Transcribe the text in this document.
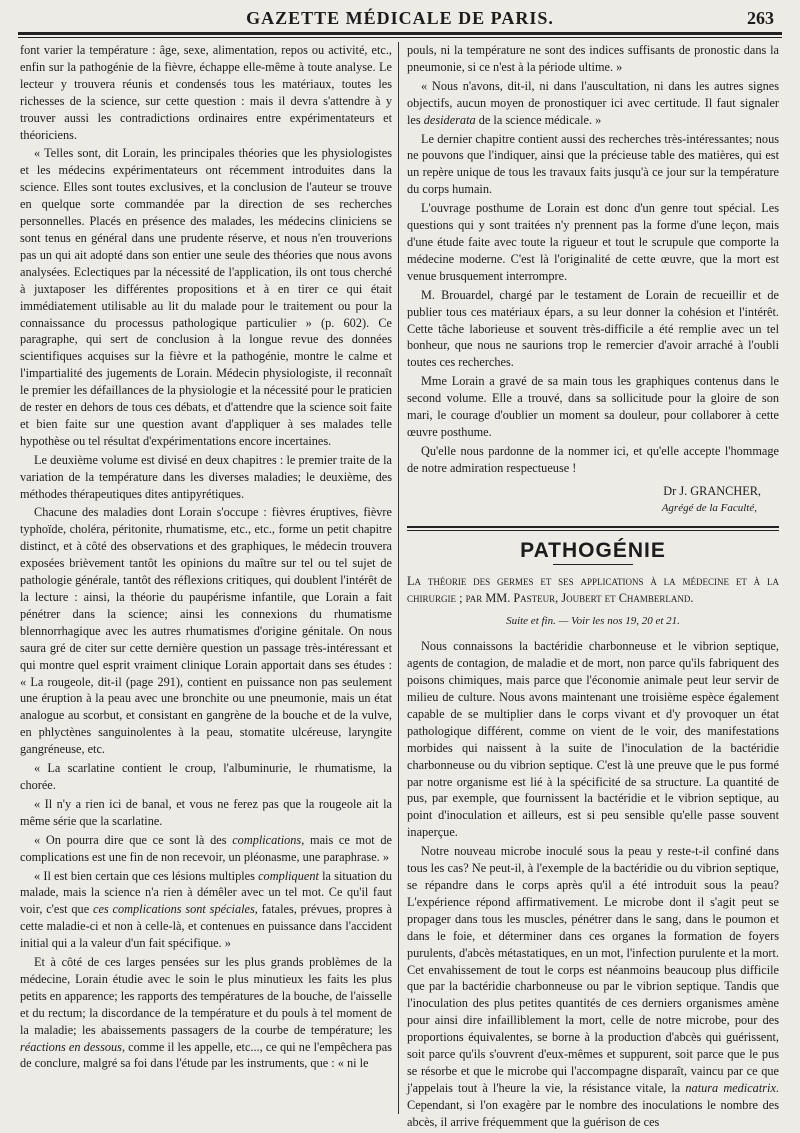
GAZETTE MÉDICALE DE PARIS.	263

font varier la température : âge, sexe, alimentation, repos ou activité, etc., enfin sur la pathogénie de la fièvre, échappe elle-même à toute analyse. Le lecteur y trouvera réunis et condensés tous les matériaux, toutes les richesses de la science, sur cette question : mais il devra s'attendre à y trouver aussi les contradictions ordinaires entre expérimentateurs et théoriciens.

« Telles sont, dit Lorain, les principales théories que les physiologistes et les médecins expérimentateurs ont récemment introduites dans la science. Elles sont toutes exclusives, et la conclusion de l'auteur se trouve en quelque sorte commandée par la direction de ses recherches personnelles. Placés en présence des malades, les médecins cliniciens se sont tenus en général dans une prudente réserve, et nous n'en trouverions pas un qui ait adopté dans son entier une seule des théories que nous avons analysées. Eclectiques par la nécessité de l'application, ils ont tous cherché à juxtaposer les différentes propositions et à en tirer ce qui était immédiatement utilisable au lit du malade pour le traitement ou pour la connaissance du processus pathologique particulier » (p. 602). Ce paragraphe, qui sert de conclusion à la longue revue des données scientifiques acquises sur la fièvre et la pathogénie, montre le calme et l'impartialité des jugements de Lorain. Médecin physiologiste, il reconnaît le premier les défaillances de la physiologie et la nécessité pour le praticien de rester en dehors de tous ces débats, et d'attendre que la science soit faite et bien faite sur une question avant d'appliquer à ses malades telle hypothèse ou tel résultat d'expérimentations encore incertaines.

Le deuxième volume est divisé en deux chapitres : le premier traite de la variation de la température dans les diverses maladies; le deuxième, des méthodes thérapeutiques dites antipyrétiques.

Chacune des maladies dont Lorain s'occupe : fièvres éruptives, fièvre typhoïde, choléra, péritonite, rhumatisme, etc., etc., forme un petit chapitre distinct, et à côté des observations et des graphiques, le médecin trouvera exposées brièvement tantôt les opinions du maître sur tel ou tel sujet de pathologie générale, tantôt des réflexions critiques, qui doublent l'intérêt de la lecture : ainsi, la théorie du paupérisme infantile, que Lorain a fait pénétrer dans la science; ainsi les connexions du rhumatisme blennorrhagique avec les autres rhumatismes d'origine génitale. On nous saura gré de citer sur cette dernière question un passage très-intéressant et qui montre quel esprit vraiment clinique Lorain apportait dans ses études : « La rougeole, dit-il (page 291), contient en puissance non pas seulement une éruption à la peau avec une bronchite ou une pneumonie, mais un état analogue au scorbut, et consistant en gangrène de la bouche et de la vulve, en phlyctènes sanguinolentes à la peau, stomatite ulcéreuse, laryngite gangréneuse, etc.

« La scarlatine contient le croup, l'albuminurie, le rhumatisme, la chorée.

« Il n'y a rien ici de banal, et vous ne ferez pas que la rougeole ait la même série que la scarlatine.

« On pourra dire que ce sont là des complications, mais ce mot de complications est une fin de non recevoir, un pléonasme, une paraphrase. »

« Il est bien certain que ces lésions multiples compliquent la situation du malade, mais la science n'a rien à démêler avec un tel mot. Ce qu'il faut voir, c'est que ces complications sont spéciales, fatales, prévues, propres à cette maladie-ci et non à celle-là, et contenues en puissance dans l'accident initial qui a la valeur d'un fait spécifique. »

Et à côté de ces larges pensées sur les plus grands problèmes de la médecine, Lorain étudie avec le soin le plus minutieux les faits les plus petits en apparence; les rapports des températures de la bouche, de l'aisselle et du rectum; la discordance de la température et du pouls à tel moment de la maladie; les abaissements passagers de la courbe de température; les réactions en dessous, comme il les appelle, etc..., ce qui ne l'empêchera pas de conclure, malgré sa foi dans l'étude par les instruments, que : « ni le

pouls, ni la température ne sont des indices suffisants de pronostic dans la pneumonie, si ce n'est à la période ultime. »

« Nous n'avons, dit-il, ni dans l'auscultation, ni dans les autres signes objectifs, aucun moyen de pronostiquer ici avec certitude. Il faut signaler les desiderata de la science médicale. »

Le dernier chapitre contient aussi des recherches très-intéressantes; nous ne pouvons que l'indiquer, ainsi que la précieuse table des matières, qui est un repère unique de tous les travaux faits jusqu'à ce jour sur la température du corps humain.

L'ouvrage posthume de Lorain est donc d'un genre tout spécial. Les questions qui y sont traitées n'y prennent pas la forme d'une leçon, mais d'une étude faite avec toute la rigueur et tout le scrupule que comporte la médecine moderne. C'est là l'originalité de cette œuvre, que la mort est venue brusquement interrompre.

M. Brouardel, chargé par le testament de Lorain de recueillir et de publier tous ces matériaux épars, a su leur donner la cohésion et l'intérêt. Cette tâche laborieuse et souvent très-difficile a été remplie avec un tel bonheur, que nous ne saurions trop le remercier d'avoir arraché à l'oubli toutes ces recherches.

Mme Lorain a gravé de sa main tous les graphiques contenus dans le second volume. Elle a trouvé, dans sa sollicitude pour la gloire de son mari, le courage d'oublier un moment sa douleur, pour collaborer à cette œuvre posthume.

Qu'elle nous pardonne de la nommer ici, et qu'elle accepte l'hommage de notre admiration respectueuse !

Dr J. GRANCHER,
Agrégé de la Faculté,
PATHOGÉNIE

La théorie des germes et ses applications à la médecine et à la chirurgie ; par MM. Pasteur, Joubert et Chamberland.

Suite et fin. — Voir les nos 19, 20 et 21.

Nous connaissons la bactéridie charbonneuse et le vibrion septique, agents de contagion, de maladie et de mort, non parce qu'ils fabriquent des poisons chimiques, mais parce que l'économie animale peut leur servir de milieu de culture. Nous avons maintenant une troisième espèce également capable de se multiplier dans le corps vivant et d'y provoquer un état pathologique différent, comme on vient de le voir, des manifestations morbides qui naissent à la suite de l'inoculation de la bactéridie charbonneuse ou du vibrion septique. C'est là une preuve que le pus formé par notre organisme est lié à la spécificité de sa structure. La quantité de pus, par exemple, que fournissent la bactéridie et le vibrion septique, au point d'inoculation et ailleurs, est si peu sensible qu'elle passe souvent inaperçue.

Notre nouveau microbe inoculé sous la peau y reste-t-il confiné dans tous les cas? Ne peut-il, à l'exemple de la bactéridie ou du vibrion septique, se répandre dans le corps après qu'il a été introduit sous la peau? L'expérience répond affirmativement. Le microbe dont il s'agit peut se propager dans tous les muscles, pénétrer dans le sang, dans le poumon et dans le foie, et déterminer dans ces organes la formation de foyers purulents, d'abcès métastatiques, en un mot, l'infection purulente et la mort. Cet envahissement de tout le corps est néanmoins beaucoup plus difficile que par la bactéridie charbonneuse ou par le vibrion septique. Tandis que l'inoculation des plus petites quantités de ces derniers organismes amène pour ainsi dire infailliblement la mort, celle de notre microbe, pour des proportions équivalentes, se borne à la production d'abcès qui guérissent, soit parce qu'ils s'ouvrent d'eux-mêmes et suppurent, soit parce que le pus se résorbe et que le microbe qui l'accompagne disparaît, vaincu par ce que j'appelais tout à l'heure la vie, la résistance vitale, la natura medicatrix. Cependant, si l'on exagère par le nombre des inoculations le nombre des abcès, il arrive fréquemment que la guérison de ces
